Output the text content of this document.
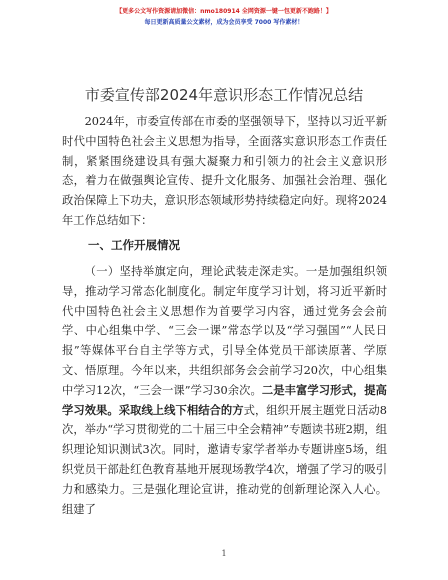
【更多公文写作资源请加微信：nmo180914 全网资源一键一包更新不跑路！】
每日更新高质量公文素材，成为会员享受 7000 写作素材！
市委宣传部2024年意识形态工作情况总结

2024年，市委宣传部在市委的坚强领导下，坚持以习近平新时代中国特色社会主义思想为指导，全面落实意识形态工作责任制，紧紧围绕建设具有强大凝聚力和引领力的社会主义意识形态，着力在做强舆论宣传、提升文化服务、加强社会治理、强化政治保障上下功夫，意识形态领域形势持续稳定向好。现将2024年工作总结如下：

一、工作开展情况

（一）坚持举旗定向，理论武装走深走实。一是加强组织领导，推动学习常态化制度化。制定年度学习计划，将习近平新时代中国特色社会主义思想作为首要学习内容，通过党务会会前学、中心组集中学、“三会一课”常态学以及“学习强国”“人民日报”等媒体平台自主学等方式，引导全体党员干部读原著、学原文、悟原理。今年以来，共组织部务会会前学习20次，中心组集中学习12次，“三会一课”学习30余次。二是丰富学习形式，提高学习效果。采取线上线下相结合的方式，组织开展主题党日活动8次，举办“学习贯彻党的二十届三中全会精神”专题读书班2期，组织理论知识测试3次。同时，邀请专家学者举办专题讲座5场，组织党员干部赴红色教育基地开展现场教学4次，增强了学习的吸引力和感染力。三是强化理论宣讲，推动党的创新理论深入人心。组建了

1
